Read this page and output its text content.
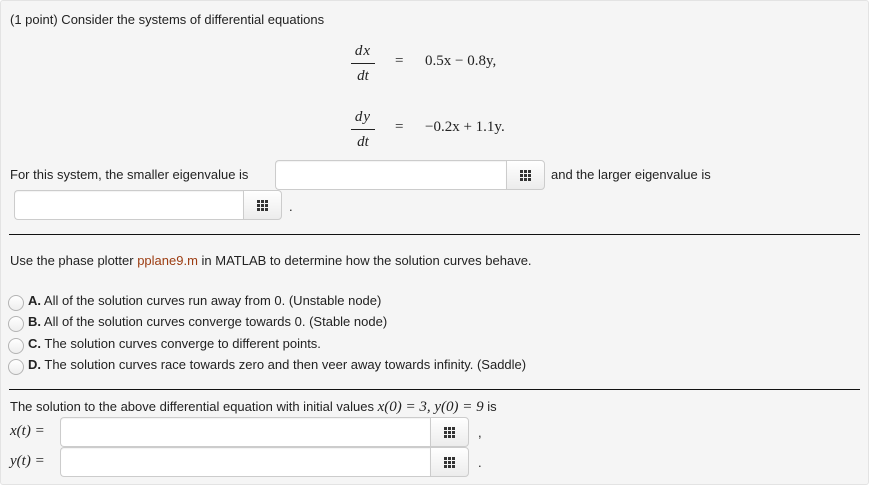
(1 point) Consider the systems of differential equations
dx
dt
= 0.5x − 0.8y,
dy
dt
= −0.2x + 1.1y.
For this system, the smaller eigenvalue is	and the larger eigenvalue is
.
Use the phase plotter pplane9.m in MATLAB to determine how the solution curves behave.
A. All of the solution curves run away from 0. (Unstable node)
B. All of the solution curves converge towards 0. (Stable node)
C. The solution curves converge to different points.
D. The solution curves race towards zero and then veer away towards infinity. (Saddle)
The solution to the above differential equation with initial values x(0) = 3, y(0) = 9 is
x(t) =	,
y(t) =	.
